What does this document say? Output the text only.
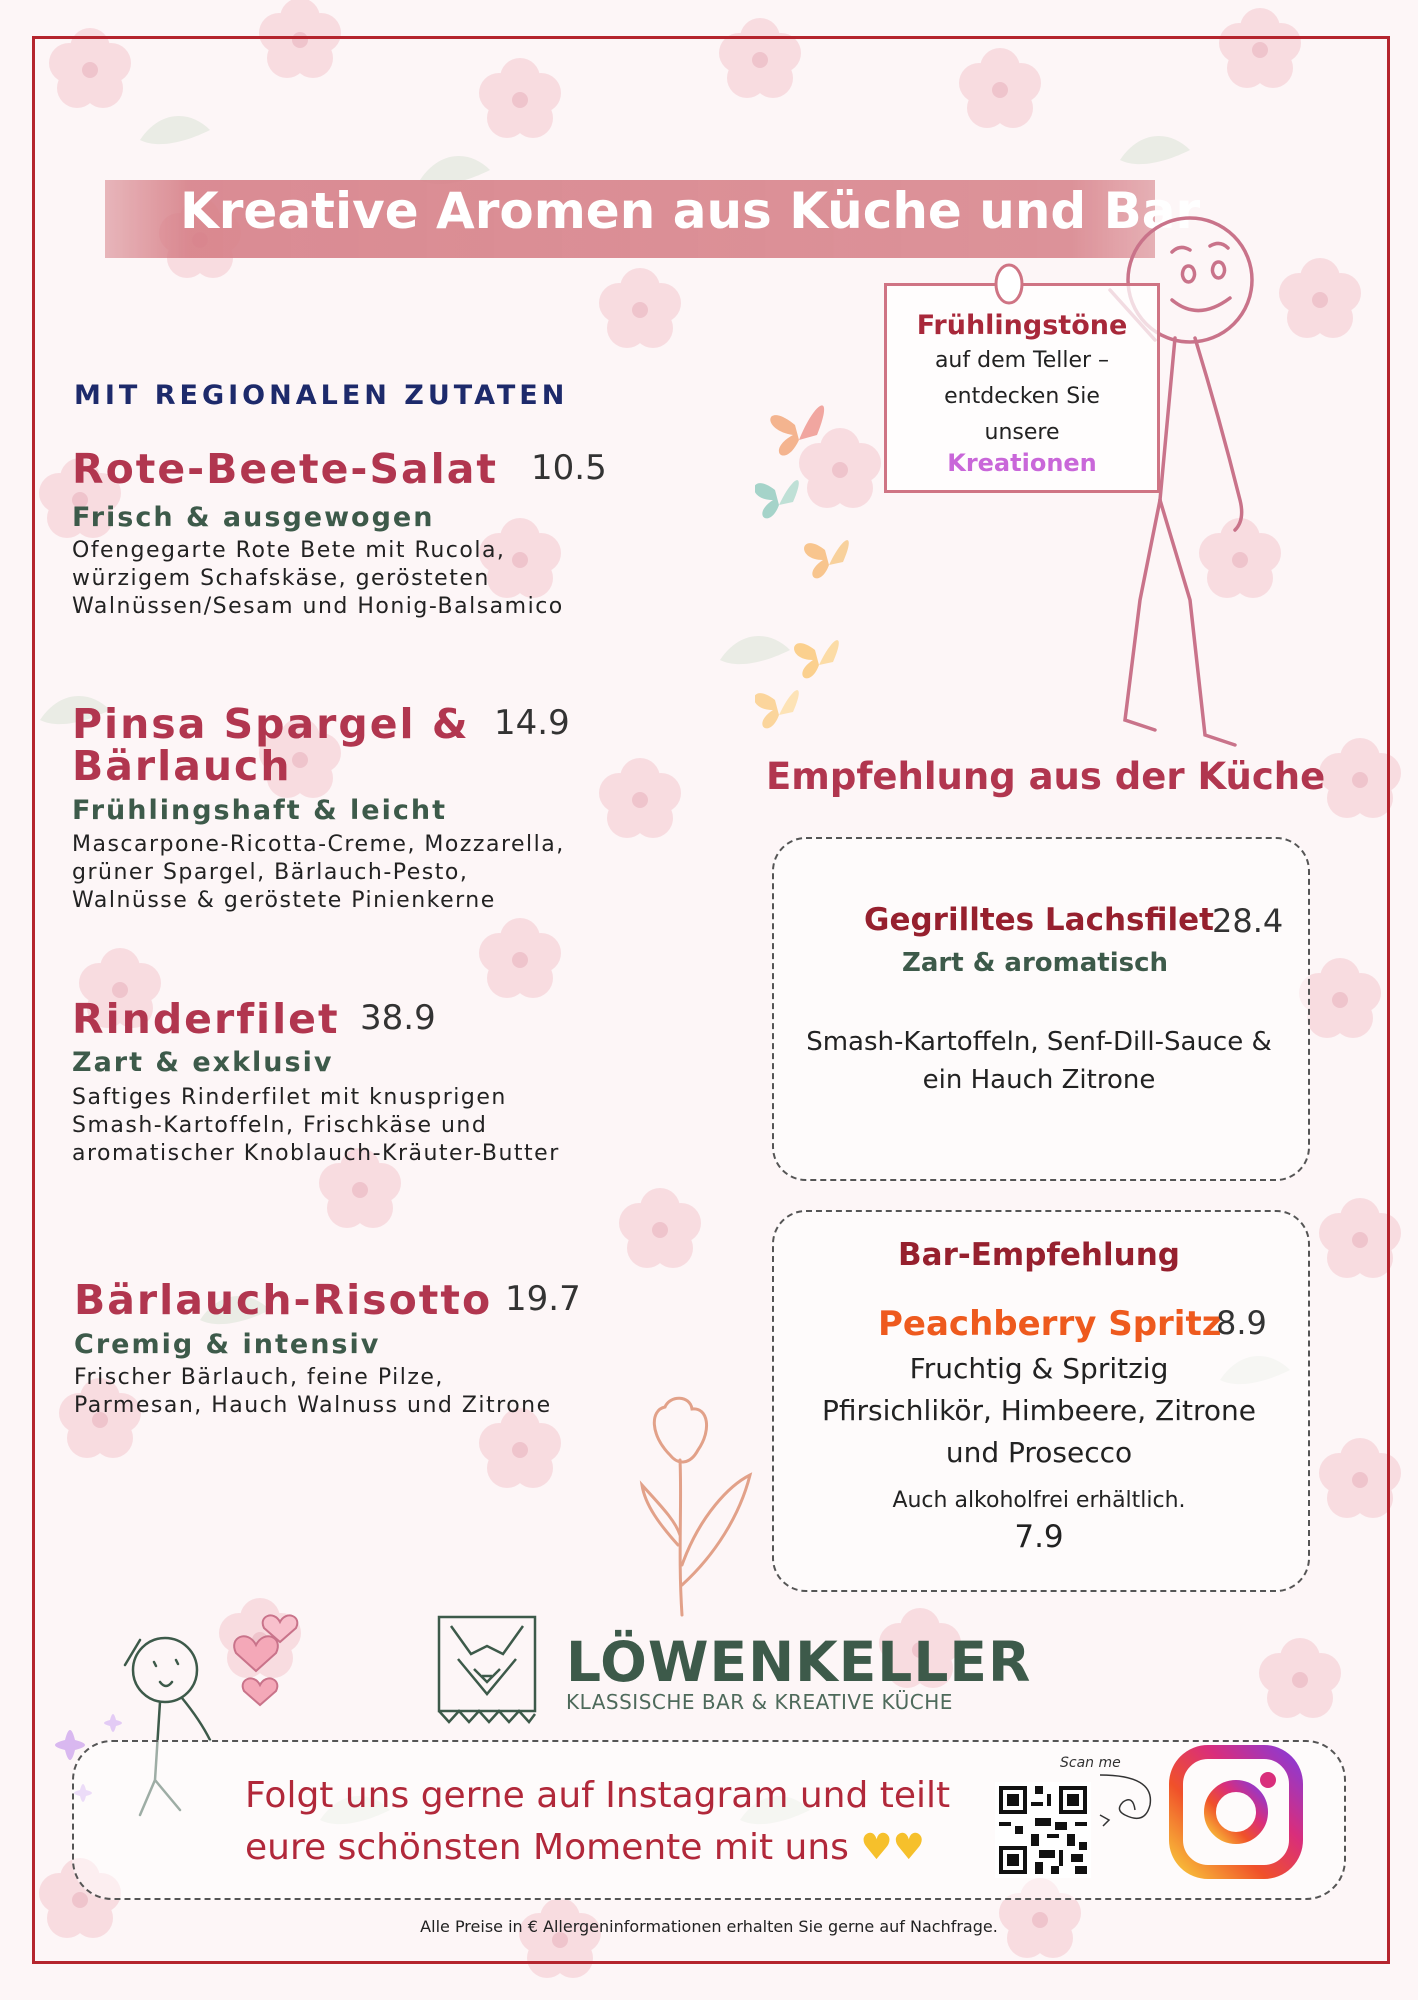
Kreative Aromen aus Küche und Bar
Frühlingstöne
auf dem Teller –
entdecken Sie
unsere
Kreationen
MIT REGIONALEN ZUTATEN
Rote-Beete-Salat 10.5
Frisch & ausgewogen
Ofengegarte Rote Bete mit Rucola,
würzigem Schafskäse, gerösteten
Walnüssen/Sesam und Honig-Balsamico
Pinsa Spargel &
Bärlauch
14.9
Frühlingshaft & leicht
Mascarpone-Ricotta-Creme, Mozzarella,
grüner Spargel, Bärlauch-Pesto,
Walnüsse & geröstete Pinienkerne
Rinderfilet 38.9
Zart & exklusiv
Saftiges Rinderfilet mit knusprigen
Smash-Kartoffeln, Frischkäse und
aromatischer Knoblauch-Kräuter-Butter
Bärlauch-Risotto 19.7
Cremig & intensiv
Frischer Bärlauch, feine Pilze,
Parmesan, Hauch Walnuss und Zitrone
Empfehlung aus der Küche
Gegrilltes Lachsfilet
28.4
Zart & aromatisch
Smash-Kartoffeln, Senf-Dill-Sauce &
ein Hauch Zitrone
Bar-Empfehlung
Peachberry Spritz
8.9
Fruchtig & Spritzig
Pfirsichlikör, Himbeere, Zitrone
und Prosecco
Auch alkoholfrei erhältlich.
7.9
LÖWENKELLER
KLASSISCHE BAR & KREATIVE KÜCHE
Folgt uns gerne auf Instagram und teilt
eure schönsten Momente mit uns ♥♥
Scan me
Alle Preise in € Allergeninformationen erhalten Sie gerne auf Nachfrage.
